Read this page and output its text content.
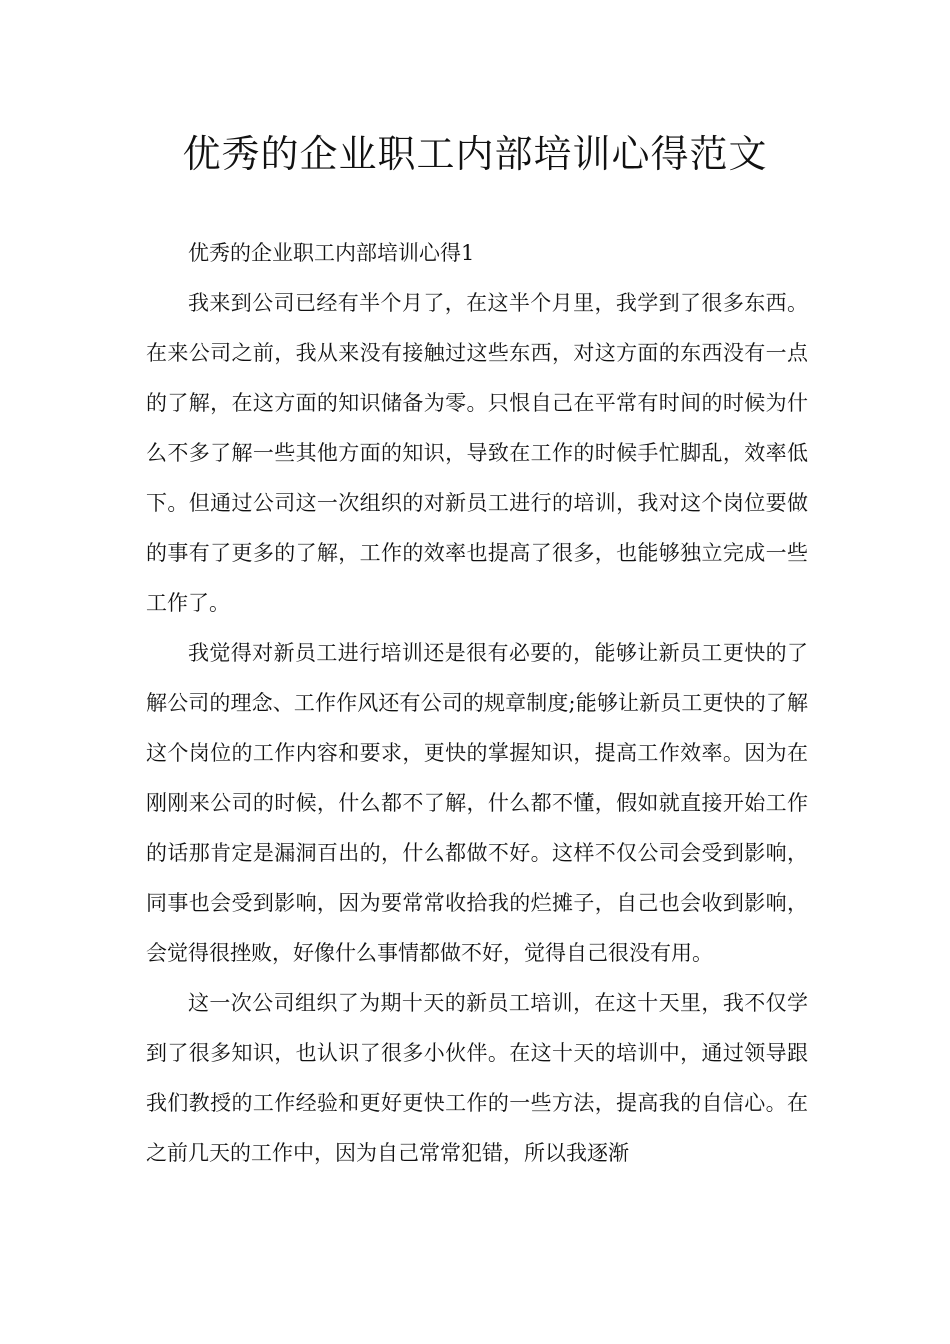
优秀的企业职工内部培训心得范文

优秀的企业职工内部培训心得1

我来到公司已经有半个月了，在这半个月里，我学到了很多东西。在来公司之前，我从来没有接触过这些东西，对这方面的东西没有一点的了解，在这方面的知识储备为零。只恨自己在平常有时间的时候为什么不多了解一些其他方面的知识，导致在工作的时候手忙脚乱，效率低下。但通过公司这一次组织的对新员工进行的培训，我对这个岗位要做的事有了更多的了解，工作的效率也提高了很多，也能够独立完成一些工作了。

我觉得对新员工进行培训还是很有必要的，能够让新员工更快的了解公司的理念、工作作风还有公司的规章制度;能够让新员工更快的了解这个岗位的工作内容和要求，更快的掌握知识，提高工作效率。因为在刚刚来公司的时候，什么都不了解，什么都不懂，假如就直接开始工作的话那肯定是漏洞百出的，什么都做不好。这样不仅公司会受到影响，同事也会受到影响，因为要常常收拾我的烂摊子，自己也会收到影响，会觉得很挫败，好像什么事情都做不好，觉得自己很没有用。

这一次公司组织了为期十天的新员工培训，在这十天里，我不仅学到了很多知识，也认识了很多小伙伴。在这十天的培训中，通过领导跟我们教授的工作经验和更好更快工作的一些方法，提高我的自信心。在之前几天的工作中，因为自己常常犯错，所以我逐渐
